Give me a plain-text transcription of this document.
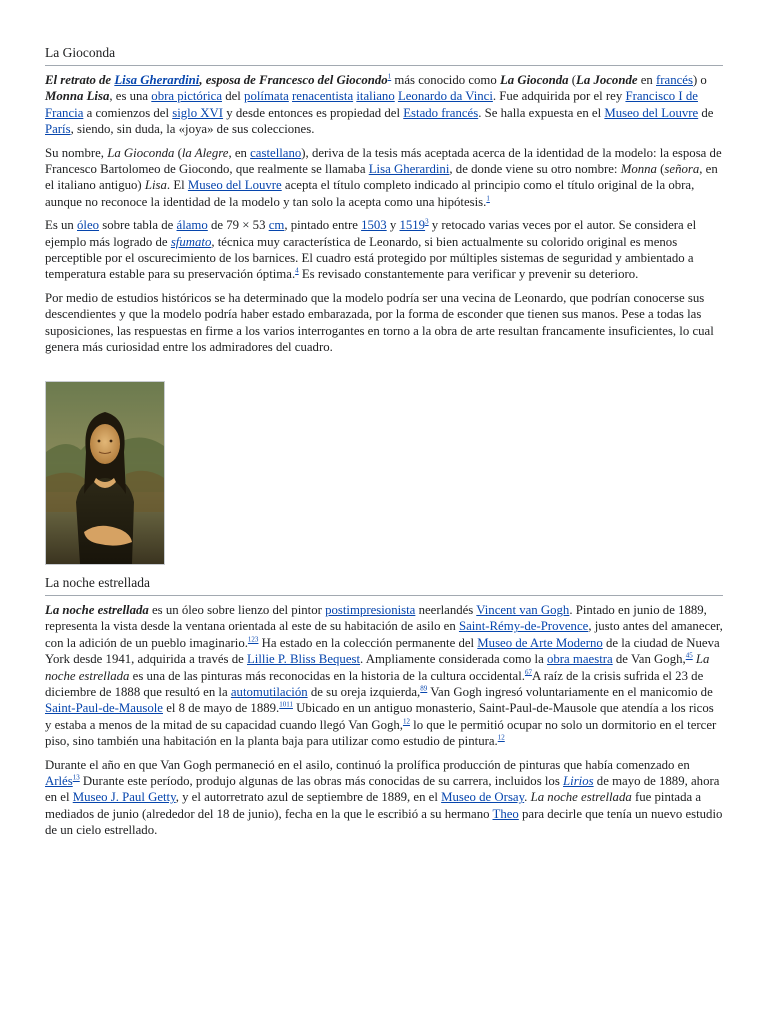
La Gioconda

El retrato de Lisa Gherardini, esposa de Francesco del Giocondo$^1$ más conocido como La Gioconda (La Joconde en francés) o Monna Lisa, es una obra pictórica del polímata renacentista italiano Leonardo da Vinci. Fue adquirida por el rey Francisco I de Francia a comienzos del siglo XVI y desde entonces es propiedad del Estado francés. Se halla expuesta en el Museo del Louvre de París, siendo, sin duda, la «joya» de sus colecciones.

Su nombre, La Gioconda (la Alegre, en castellano), deriva de la tesis más aceptada acerca de la identidad de la modelo: la esposa de Francesco Bartolomeo de Giocondo, que realmente se llamaba Lisa Gherardini, de donde viene su otro nombre: Monna (señora, en el italiano antiguo) Lisa. El Museo del Louvre acepta el título completo indicado al principio como el título original de la obra, aunque no reconoce la identidad de la modelo y tan solo la acepta como una hipótesis.$^1$

Es un óleo sobre tabla de álamo de 79 × 53 cm, pintado entre 1503 y 1519$^3$ y retocado varias veces por el autor. Se considera el ejemplo más logrado de sfumato, técnica muy característica de Leonardo, si bien actualmente su colorido original es menos perceptible por el oscurecimiento de los barnices. El cuadro está protegido por múltiples sistemas de seguridad y ambientado a temperatura estable para su preservación óptima.$^4$ Es revisado constantemente para verificar y prevenir su deterioro.

Por medio de estudios históricos se ha determinado que la modelo podría ser una vecina de Leonardo, que podrían conocerse sus descendientes y que la modelo podría haber estado embarazada, por la forma de esconder que tienen sus manos. Pese a todas las suposiciones, las respuestas en firme a los varios interrogantes en torno a la obra de arte resultan francamente insuficientes, lo cual genera más curiosidad entre los admiradores del cuadro.

La noche estrellada

La noche estrellada es un óleo sobre lienzo del pintor postimpresionista neerlandés Vincent van Gogh. Pintado en junio de 1889, representa la vista desde la ventana orientada al este de su habitación de asilo en Saint-Rémy-de-Provence, justo antes del amanecer, con la adición de un pueblo imaginario.$^{123}$ Ha estado en la colección permanente del Museo de Arte Moderno de la ciudad de Nueva York desde 1941, adquirida a través de Lillie P. Bliss Bequest. Ampliamente considerada como la obra maestra de Van Gogh,$^{45}$ La noche estrellada es una de las pinturas más reconocidas en la historia de la cultura occidental.$^{67}$A raíz de la crisis sufrida el 23 de diciembre de 1888 que resultó en la automutilación de su oreja izquierda,$^{89}$ Van Gogh ingresó voluntariamente en el manicomio de Saint-Paul-de-Mausole el 8 de mayo de 1889.$^{1011}$ Ubicado en un antiguo monasterio, Saint-Paul-de-Mausole que atendía a los ricos y estaba a menos de la mitad de su capacidad cuando llegó Van Gogh,$^{12}$ lo que le permitió ocupar no solo un dormitorio en el tercer piso, sino también una habitación en la planta baja para utilizar como estudio de pintura.$^{12}$

Durante el año en que Van Gogh permaneció en el asilo, continuó la prolífica producción de pinturas que había comenzado en Arlés$^{13}$ Durante este período, produjo algunas de las obras más conocidas de su carrera, incluidos los Lirios de mayo de 1889, ahora en el Museo J. Paul Getty, y el autorretrato azul de septiembre de 1889, en el Museo de Orsay. La noche estrellada fue pintada a mediados de junio (alrededor del 18 de junio), fecha en la que le escribió a su hermano Theo para decirle que tenía un nuevo estudio de un cielo estrellado.
